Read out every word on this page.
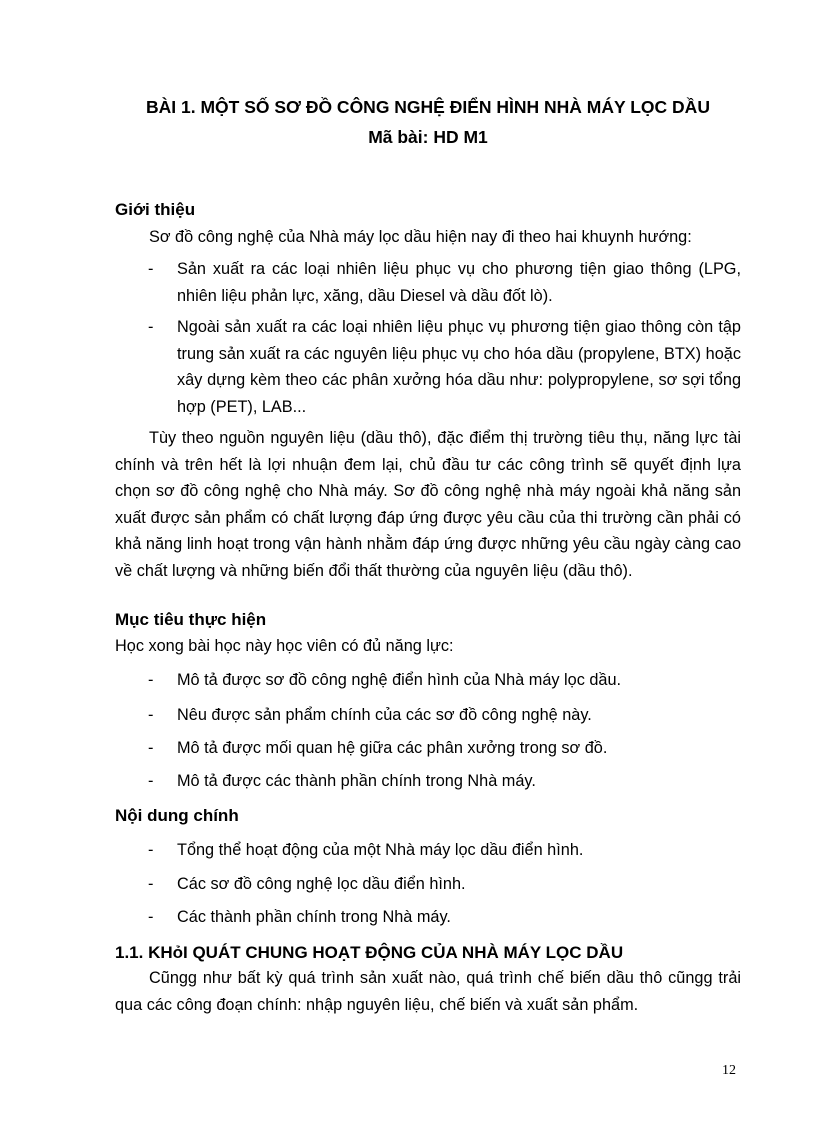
BÀI 1. MỘT SỐ SƠ ĐỒ CÔNG NGHỆ ĐIỂN HÌNH NHÀ MÁY LỌC DẦU
Mã bài: HD M1
Giới thiệu
Sơ đồ công nghệ của Nhà máy lọc dầu hiện nay đi theo hai khuynh hướng:
- Sản xuất ra các loại nhiên liệu phục vụ cho phương tiện giao thông (LPG, nhiên liệu phản lực, xăng, dầu Diesel và dầu đốt lò).
- Ngoài sản xuất ra các loại nhiên liệu phục vụ phương tiện giao thông còn tập trung sản xuất ra các nguyên liệu phục vụ cho hóa dầu (propylene, BTX) hoặc xây dựng kèm theo các phân xưởng hóa dầu như: polypropylene, sơ sợi tổng hợp (PET), LAB...
Tùy theo nguồn nguyên liệu (dầu thô), đặc điểm thị trường tiêu thụ, năng lực tài chính và trên hết là lợi nhuận đem lại, chủ đầu tư các công trình sẽ quyết định lựa chọn sơ đồ công nghệ cho Nhà máy. Sơ đồ công nghệ nhà máy ngoài khả năng sản xuất được sản phẩm có chất lượng đáp ứng được yêu cầu của thi trường cần phải có khả năng linh hoạt trong vận hành nhằm đáp ứng được những yêu cầu ngày càng cao về chất lượng và những biến đổi thất thường của nguyên liệu (dầu thô).
Mục tiêu thực hiện
Học xong bài học này học viên có đủ năng lực:
- Mô tả được sơ đồ công nghệ điển hình của Nhà máy lọc dầu.
- Nêu được sản phẩm chính của các sơ đồ công nghệ này.
- Mô tả được mối quan hệ giữa các phân xưởng trong sơ đồ.
- Mô tả được các thành phần chính trong Nhà máy.
Nội dung chính
- Tổng thể hoạt động của một Nhà máy lọc dầu điển hình.
- Các sơ đồ công nghệ lọc dầu điển hình.
- Các thành phần chính trong Nhà máy.
1.1. KHỏI QUÁT CHUNG HOẠT ĐỘNG CỦA NHÀ MÁY LỌC DẦU
Cũngg như bất kỳ quá trình sản xuất nào, quá trình chế biến dầu thô cũngg trải qua các công đoạn chính: nhập nguyên liệu, chế biến và xuất sản phẩm.
12
